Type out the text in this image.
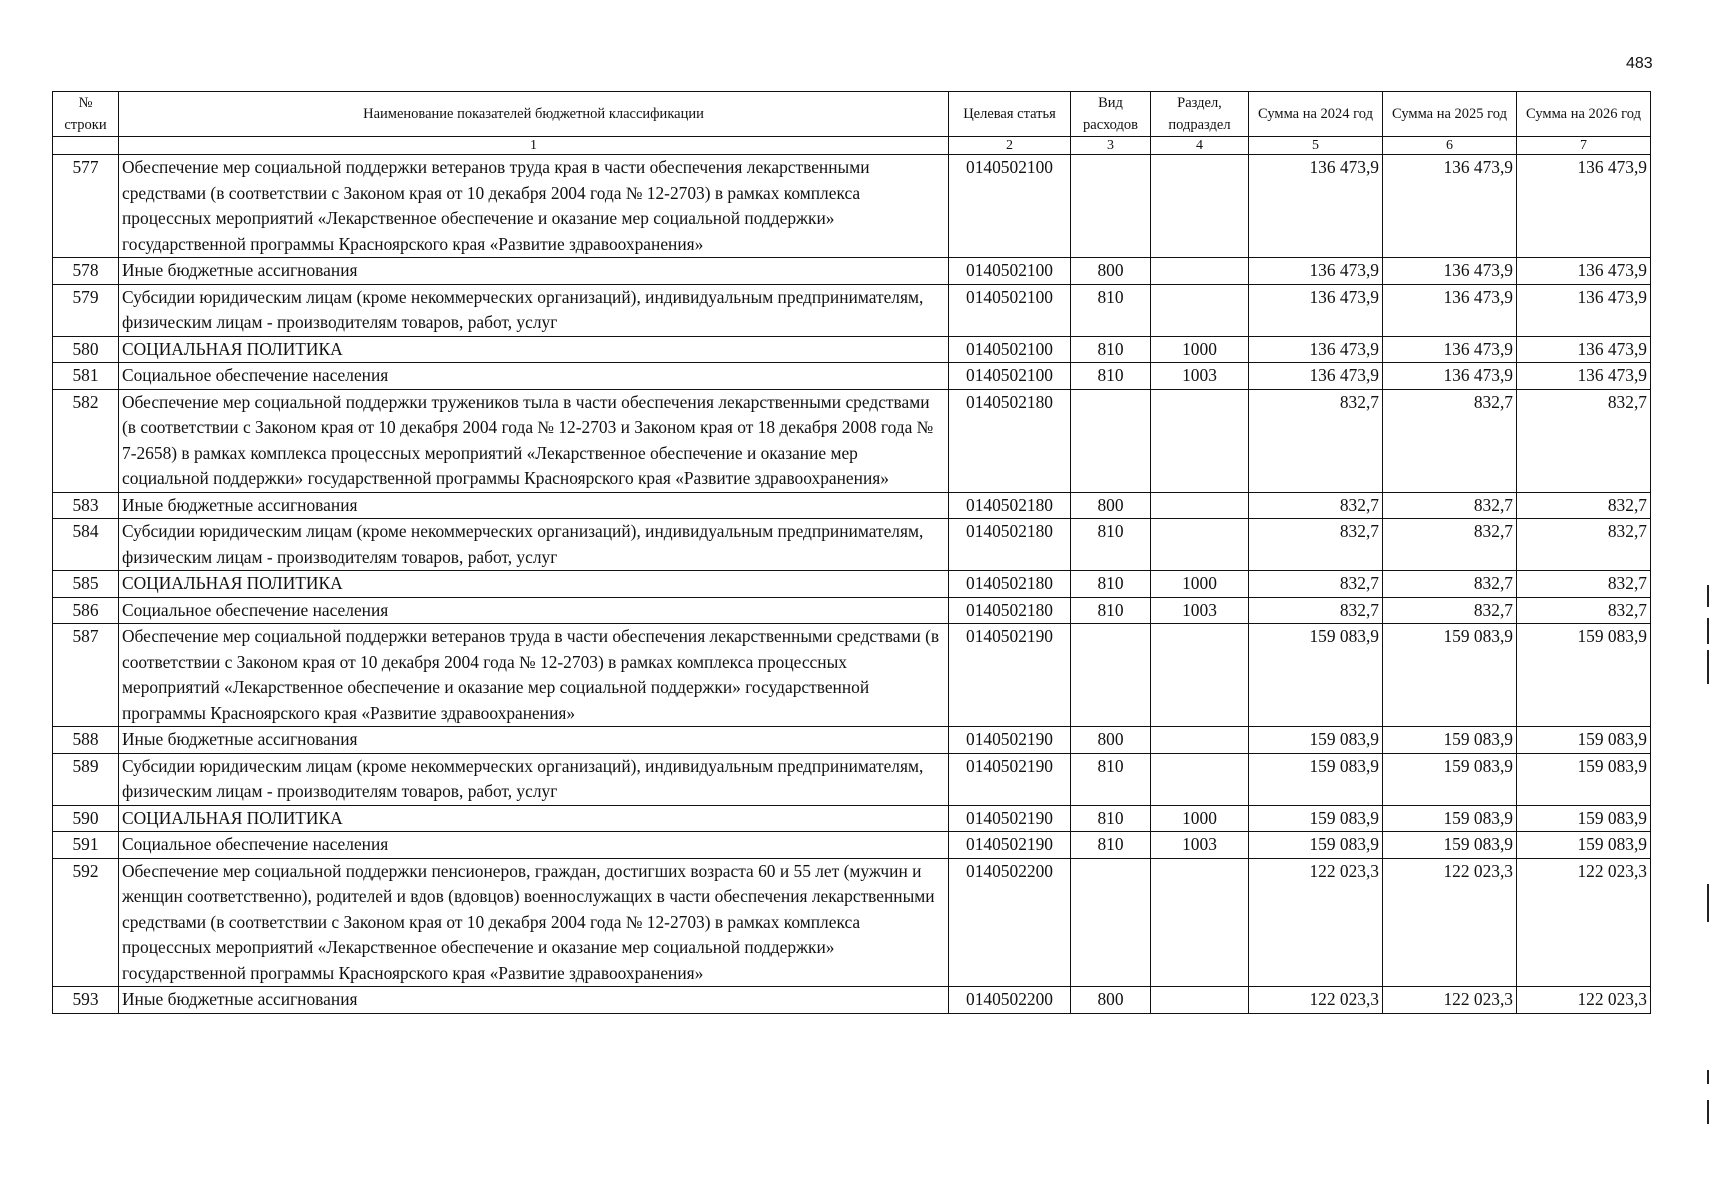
483
№ строки	Наименование показателей бюджетной классификации	Целевая статья	Вид расходов	Раздел, подраздел	Сумма на 2024 год	Сумма на 2025 год	Сумма на 2026 год
	1	2	3	4	5	6	7
577	Обеспечение мер социальной поддержки ветеранов труда края в части обеспечения лекарственными средствами (в соответствии с Законом края от 10 декабря 2004 года № 12-2703) в рамках комплекса процессных мероприятий «Лекарственное обеспечение и оказание мер социальной поддержки» государственной программы Красноярского края «Развитие здравоохранения»	0140502100			136 473,9	136 473,9	136 473,9
578	Иные бюджетные ассигнования	0140502100	800		136 473,9	136 473,9	136 473,9
579	Субсидии юридическим лицам (кроме некоммерческих организаций), индивидуальным предпринимателям, физическим лицам - производителям товаров, работ, услуг	0140502100	810		136 473,9	136 473,9	136 473,9
580	СОЦИАЛЬНАЯ ПОЛИТИКА	0140502100	810	1000	136 473,9	136 473,9	136 473,9
581	Социальное обеспечение населения	0140502100	810	1003	136 473,9	136 473,9	136 473,9
582	Обеспечение мер социальной поддержки тружеников тыла в части обеспечения лекарственными средствами (в соответствии с Законом края от 10 декабря 2004 года № 12-2703 и Законом края от 18 декабря 2008 года № 7-2658) в рамках комплекса процессных мероприятий «Лекарственное обеспечение и оказание мер социальной поддержки» государственной программы Красноярского края «Развитие здравоохранения»	0140502180			832,7	832,7	832,7
583	Иные бюджетные ассигнования	0140502180	800		832,7	832,7	832,7
584	Субсидии юридическим лицам (кроме некоммерческих организаций), индивидуальным предпринимателям, физическим лицам - производителям товаров, работ, услуг	0140502180	810		832,7	832,7	832,7
585	СОЦИАЛЬНАЯ ПОЛИТИКА	0140502180	810	1000	832,7	832,7	832,7
586	Социальное обеспечение населения	0140502180	810	1003	832,7	832,7	832,7
587	Обеспечение мер социальной поддержки ветеранов труда в части обеспечения лекарственными средствами (в соответствии с Законом края от 10 декабря 2004 года № 12-2703) в рамках комплекса процессных мероприятий «Лекарственное обеспечение и оказание мер социальной поддержки» государственной программы Красноярского края «Развитие здравоохранения»	0140502190			159 083,9	159 083,9	159 083,9
588	Иные бюджетные ассигнования	0140502190	800		159 083,9	159 083,9	159 083,9
589	Субсидии юридическим лицам (кроме некоммерческих организаций), индивидуальным предпринимателям, физическим лицам - производителям товаров, работ, услуг	0140502190	810		159 083,9	159 083,9	159 083,9
590	СОЦИАЛЬНАЯ ПОЛИТИКА	0140502190	810	1000	159 083,9	159 083,9	159 083,9
591	Социальное обеспечение населения	0140502190	810	1003	159 083,9	159 083,9	159 083,9
592	Обеспечение мер социальной поддержки пенсионеров, граждан, достигших возраста 60 и 55 лет (мужчин и женщин соответственно), родителей и вдов (вдовцов) военнослужащих в части обеспечения лекарственными средствами (в соответствии с Законом края от 10 декабря 2004 года № 12-2703) в рамках комплекса процессных мероприятий «Лекарственное обеспечение и оказание мер социальной поддержки» государственной программы Красноярского края «Развитие здравоохранения»	0140502200			122 023,3	122 023,3	122 023,3
593	Иные бюджетные ассигнования	0140502200	800		122 023,3	122 023,3	122 023,3
